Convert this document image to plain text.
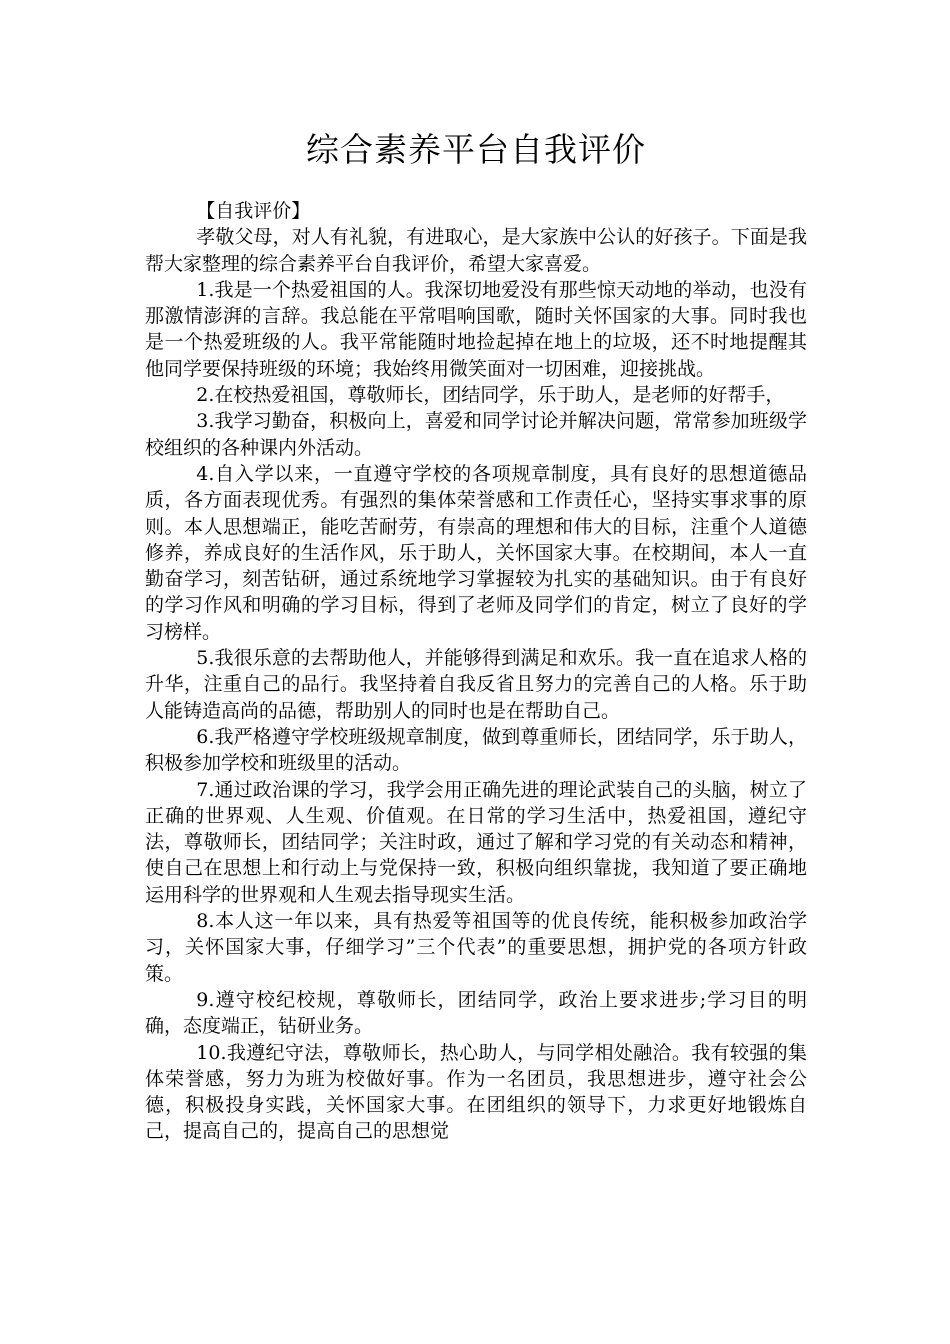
综合素养平台自我评价

【自我评价】

孝敬父母，对人有礼貌，有进取心，是大家族中公认的好孩子。下面是我帮大家整理的综合素养平台自我评价，希望大家喜爱。

1.我是一个热爱祖国的人。我深切地爱没有那些惊天动地的举动，也没有那激情澎湃的言辞。我总能在平常唱响国歌，随时关怀国家的大事。同时我也是一个热爱班级的人。我平常能随时地捡起掉在地上的垃圾，还不时地提醒其他同学要保持班级的环境；我始终用微笑面对一切困难，迎接挑战。

2.在校热爱祖国，尊敬师长，团结同学，乐于助人，是老师的好帮手，

3.我学习勤奋，积极向上，喜爱和同学讨论并解决问题，常常参加班级学校组织的各种课内外活动。

4.自入学以来，一直遵守学校的各项规章制度，具有良好的思想道德品质，各方面表现优秀。有强烈的集体荣誉感和工作责任心，坚持实事求事的原则。本人思想端正，能吃苦耐劳，有崇高的理想和伟大的目标，注重个人道德修养，养成良好的生活作风，乐于助人，关怀国家大事。在校期间，本人一直勤奋学习，刻苦钻研，通过系统地学习掌握较为扎实的基础知识。由于有良好的学习作风和明确的学习目标，得到了老师及同学们的肯定，树立了良好的学习榜样。

5.我很乐意的去帮助他人，并能够得到满足和欢乐。我一直在追求人格的升华，注重自己的品行。我坚持着自我反省且努力的完善自己的人格。乐于助人能铸造高尚的品德，帮助别人的同时也是在帮助自己。

6.我严格遵守学校班级规章制度，做到尊重师长，团结同学，乐于助人，积极参加学校和班级里的活动。

7.通过政治课的学习，我学会用正确先进的理论武装自己的头脑，树立了正确的世界观、人生观、价值观。在日常的学习生活中，热爱祖国，遵纪守法，尊敬师长，团结同学；关注时政，通过了解和学习党的有关动态和精神，使自己在思想上和行动上与党保持一致，积极向组织靠拢，我知道了要正确地运用科学的世界观和人生观去指导现实生活。

8.本人这一年以来，具有热爱等祖国等的优良传统，能积极参加政治学习，关怀国家大事，仔细学习”三个代表”的重要思想，拥护党的各项方针政策。

9.遵守校纪校规，尊敬师长，团结同学，政治上要求进步;学习目的明确，态度端正，钻研业务。

10.我遵纪守法，尊敬师长，热心助人，与同学相处融洽。我有较强的集体荣誉感，努力为班为校做好事。作为一名团员，我思想进步，遵守社会公德，积极投身实践，关怀国家大事。在团组织的领导下，力求更好地锻炼自己，提高自己的，提高自己的思想觉
